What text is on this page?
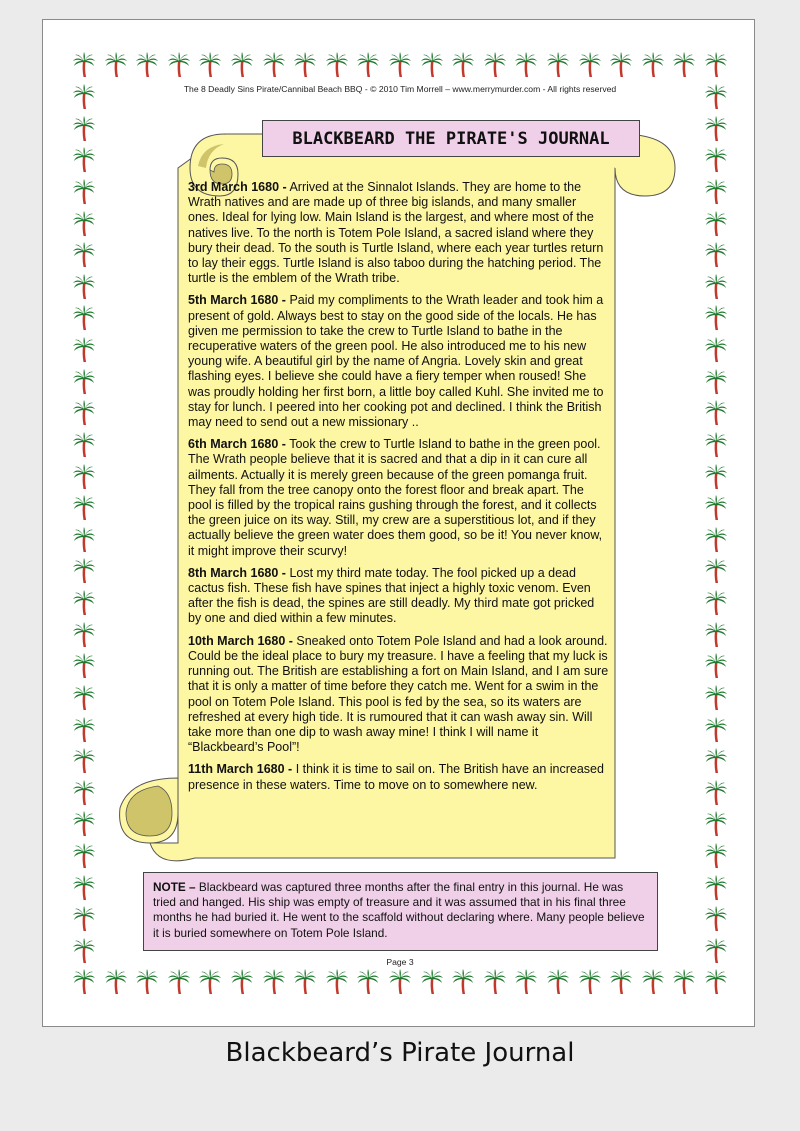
The 8 Deadly Sins Pirate/Cannibal Beach BBQ - © 2010 Tim Morrell – www.merrymurder.com - All rights reserved
BLACKBEARD THE PIRATE'S JOURNAL

3rd March 1680 - Arrived at the Sinnalot Islands. They are home to the Wrath natives and are made up of three big islands, and many smaller ones. Ideal for lying low. Main Island is the largest, and where most of the natives live. To the north is Totem Pole Island, a sacred island where they bury their dead. To the south is Turtle Island, where each year turtles return to lay their eggs. Turtle Island is also taboo during the hatching period. The turtle is the emblem of the Wrath tribe.

5th March 1680 - Paid my compliments to the Wrath leader and took him a present of gold. Always best to stay on the good side of the locals. He has given me permission to take the crew to Turtle Island to bathe in the recuperative waters of the green pool. He also introduced me to his new young wife. A beautiful girl by the name of Angria. Lovely skin and great flashing eyes. I believe she could have a fiery temper when roused! She was proudly holding her first born, a little boy called Kuhl. She invited me to stay for lunch. I peered into her cooking pot and declined. I think the British may need to send out a new missionary ..

6th March 1680 - Took the crew to Turtle Island to bathe in the green pool. The Wrath people believe that it is sacred and that a dip in it can cure all ailments. Actually it is merely green because of the green pomanga fruit. They fall from the tree canopy onto the forest floor and break apart. The pool is filled by the tropical rains gushing through the forest, and it collects the green juice on its way. Still, my crew are a superstitious lot, and if they actually believe the green water does them good, so be it! You never know, it might improve their scurvy!

8th March 1680 - Lost my third mate today. The fool picked up a dead cactus fish. These fish have spines that inject a highly toxic venom. Even after the fish is dead, the spines are still deadly. My third mate got pricked by one and died within a few minutes.

10th March 1680 - Sneaked onto Totem Pole Island and had a look around. Could be the ideal place to bury my treasure. I have a feeling that my luck is running out. The British are establishing a fort on Main Island, and I am sure that it is only a matter of time before they catch me. Went for a swim in the pool on Totem Pole Island. This pool is fed by the sea, so its waters are refreshed at every high tide. It is rumoured that it can wash away sin. Will take more than one dip to wash away mine! I think I will name it “Blackbeard’s Pool”!

11th March 1680 - I think it is time to sail on. The British have an increased presence in these waters. Time to move on to somewhere new.

NOTE – Blackbeard was captured three months after the final entry in this journal. He was tried and hanged. His ship was empty of treasure and it was assumed that in his final three months he had buried it. He went to the scaffold without declaring where. Many people believe it is buried somewhere on Totem Pole Island.
Page 3
Blackbeard’s Pirate Journal
